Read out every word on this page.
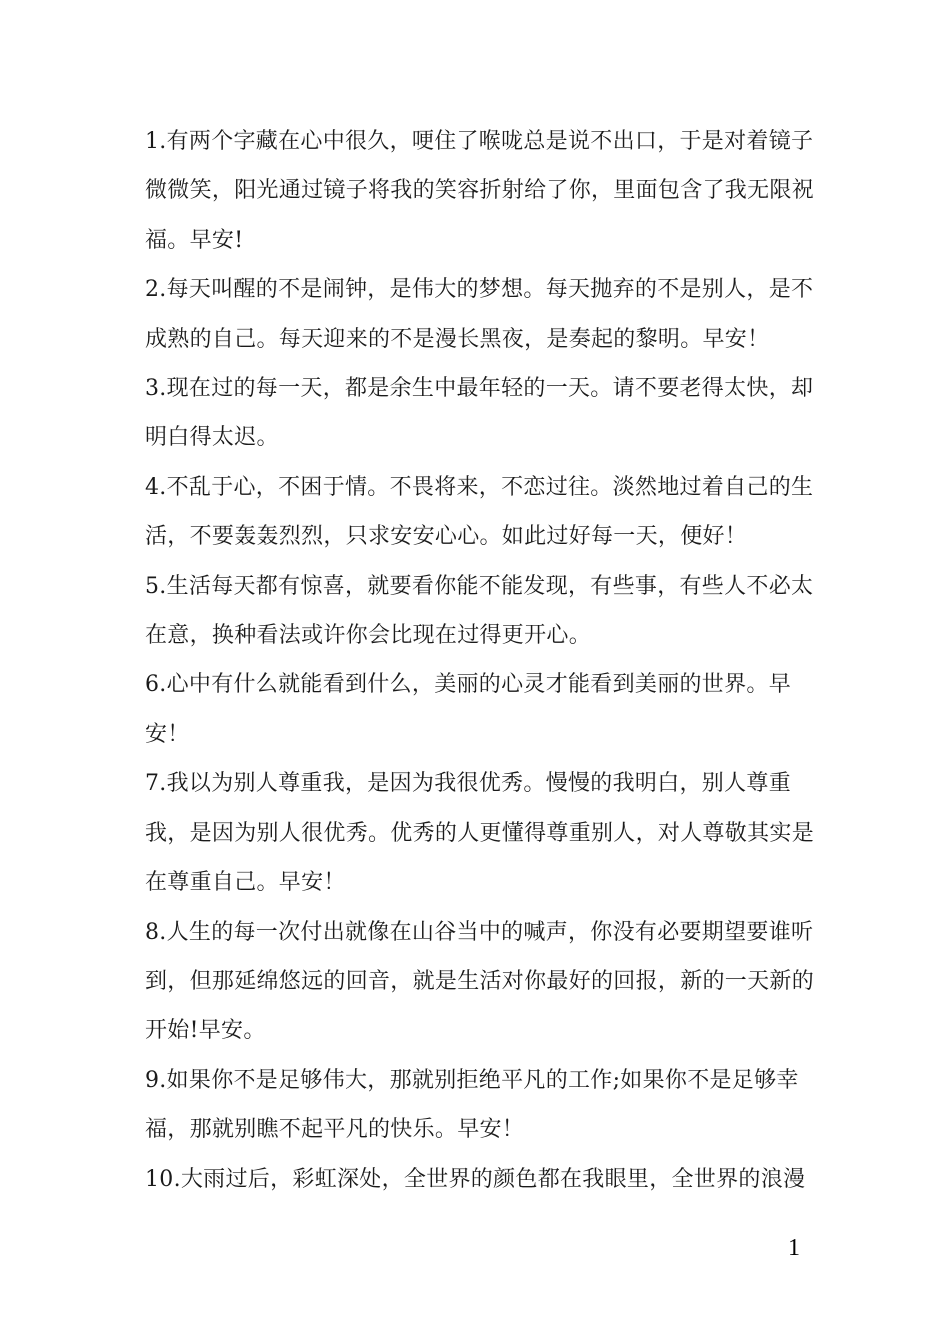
1.有两个字藏在心中很久，哽住了喉咙总是说不出口，于是对着镜子微微笑，阳光通过镜子将我的笑容折射给了你，里面包含了我无限祝福。早安!

2.每天叫醒的不是闹钟，是伟大的梦想。每天抛弃的不是别人，是不成熟的自己。每天迎来的不是漫长黑夜，是奏起的黎明。早安！

3.现在过的每一天，都是余生中最年轻的一天。请不要老得太快，却明白得太迟。

4.不乱于心，不困于情。不畏将来，不恋过往。淡然地过着自己的生活，不要轰轰烈烈，只求安安心心。如此过好每一天，便好！

5.生活每天都有惊喜，就要看你能不能发现，有些事，有些人不必太在意，换种看法或许你会比现在过得更开心。

6.心中有什么就能看到什么，美丽的心灵才能看到美丽的世界。早安！

7.我以为别人尊重我，是因为我很优秀。慢慢的我明白，别人尊重我，是因为别人很优秀。优秀的人更懂得尊重别人，对人尊敬其实是在尊重自己。早安！

8.人生的每一次付出就像在山谷当中的喊声，你没有必要期望要谁听到，但那延绵悠远的回音，就是生活对你最好的回报，新的一天新的开始!早安。

9.如果你不是足够伟大，那就别拒绝平凡的工作;如果你不是足够幸福，那就别瞧不起平凡的快乐。早安！

10.大雨过后，彩虹深处，全世界的颜色都在我眼里，全世界的浪漫

1
